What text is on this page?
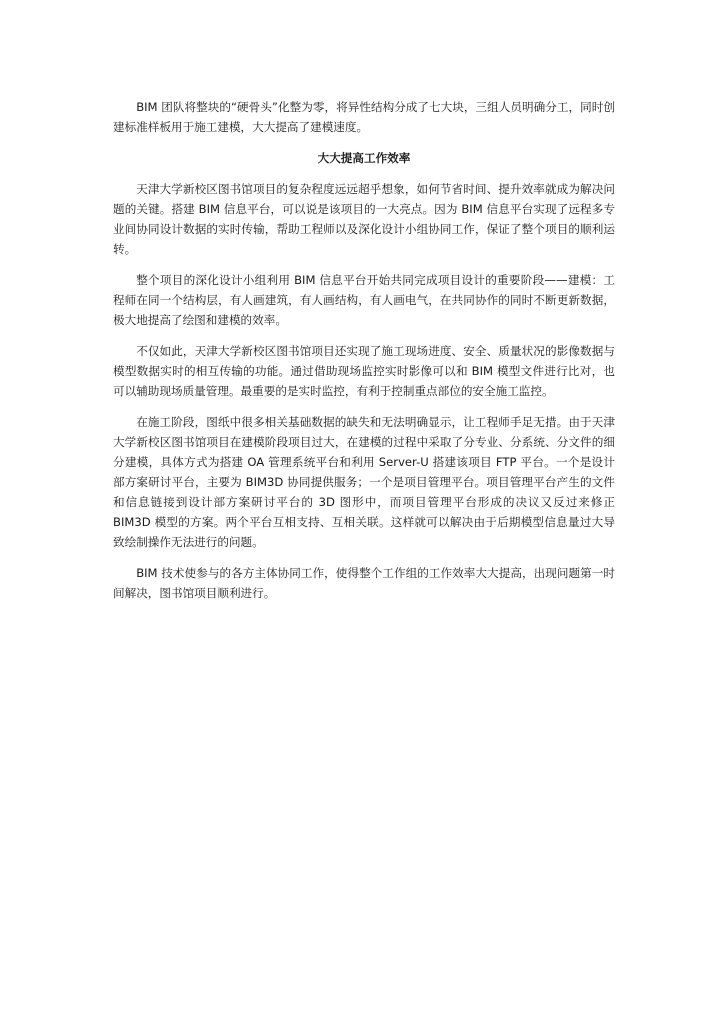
BIM 团队将整块的“硬骨头”化整为零，将异性结构分成了七大块，三组人员明确分工，同时创建标准样板用于施工建模，大大提高了建模速度。

大大提高工作效率

天津大学新校区图书馆项目的复杂程度远远超乎想象，如何节省时间、提升效率就成为解决问题的关键。搭建 BIM 信息平台，可以说是该项目的一大亮点。因为 BIM 信息平台实现了远程多专业间协同设计数据的实时传输，帮助工程师以及深化设计小组协同工作，保证了整个项目的顺利运转。

整个项目的深化设计小组利用 BIM 信息平台开始共同完成项目设计的重要阶段——建模：工程师在同一个结构层，有人画建筑，有人画结构，有人画电气，在共同协作的同时不断更新数据，极大地提高了绘图和建模的效率。

不仅如此，天津大学新校区图书馆项目还实现了施工现场进度、安全、质量状况的影像数据与模型数据实时的相互传输的功能。通过借助现场监控实时影像可以和 BIM 模型文件进行比对，也可以辅助现场质量管理。最重要的是实时监控，有利于控制重点部位的安全施工监控。

在施工阶段，图纸中很多相关基础数据的缺失和无法明确显示，让工程师手足无措。由于天津大学新校区图书馆项目在建模阶段项目过大，在建模的过程中采取了分专业、分系统、分文件的细分建模，具体方式为搭建 OA 管理系统平台和利用 Server-U 搭建该项目 FTP 平台。一个是设计部方案研讨平台，主要为 BIM3D 协同提供服务；一个是项目管理平台。项目管理平台产生的文件和信息链接到设计部方案研讨平台的 3D 图形中，而项目管理平台形成的决议又反过来修正 BIM3D 模型的方案。两个平台互相支持、互相关联。这样就可以解决由于后期模型信息量过大导致绘制操作无法进行的问题。

BIM 技术使参与的各方主体协同工作，使得整个工作组的工作效率大大提高，出现问题第一时间解决，图书馆项目顺利进行。
